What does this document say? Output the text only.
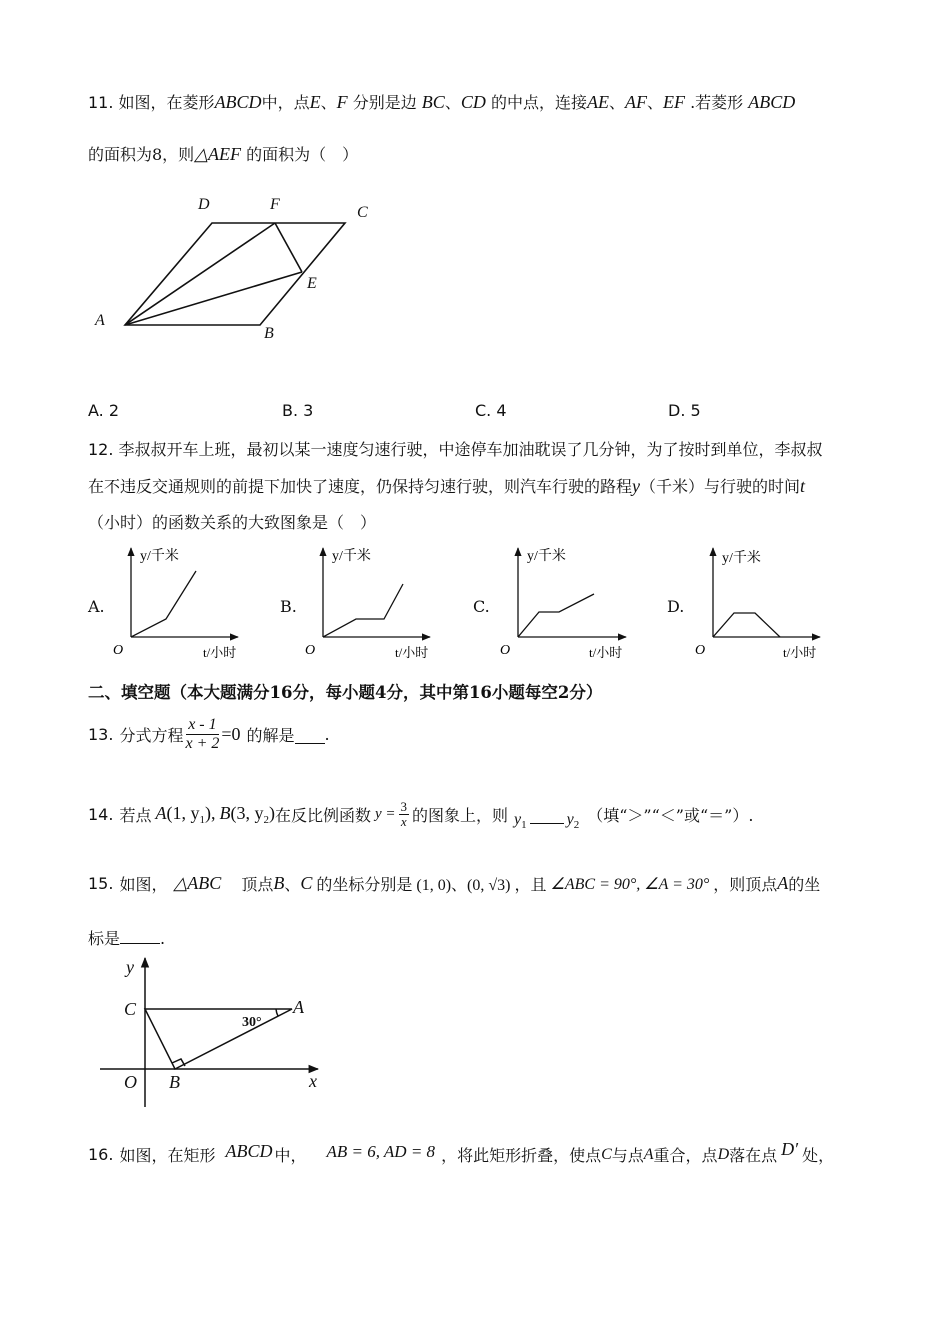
11. 如图，在菱形ABCD中，点E、F 分别是边 BC、CD 的中点，连接AE、AF、EF .若菱形 ABCD
的面积为8，则△AEF 的面积为（　）
A
B
C
D
E
F
A. 2	B. 3	C. 4	D. 5
12. 李叔叔开车上班，最初以某一速度匀速行驶，中途停车加油耽误了几分钟，为了按时到单位，李叔叔
在不违反交通规则的前提下加快了速度，仍保持匀速行驶，则汽车行驶的路程y（千米）与行驶的时间t
（小时）的函数关系的大致图象是（　）
A.	B.	C.	D.
y/千米
t/小时
O
y/千米
t/小时
O
y/千米
t/小时
O
y/千米
t/小时
O
二、填空题（本大题满分16分，每小题4分，其中第16小题每空2分）
13. 分式方程 $\frac{x - 1}{x + 2} =0$ 的解是 .
14. 若点 A(1, $y_1$), B(3, $y_2$) 在反比例函数 $y = \frac{3}{x}$ 的图象上，则 $y_1$	$y_2$ （填“＞”“＜”或“＝”）.
15. 如图， △ABC 顶点 B 、 C 的坐标分别是 (1, 0)、(0, √3) ，且 ∠ABC = 90°, ∠A = 30° ，则顶点 A 的坐
标是	.
y
x
C	A
O B
30°
16. 如图，在矩形 ABCD 中， AB = 6, AD = 8 ，将此矩形折叠，使点 C 与点 A 重合，点 D 落在点 D′ 处，
